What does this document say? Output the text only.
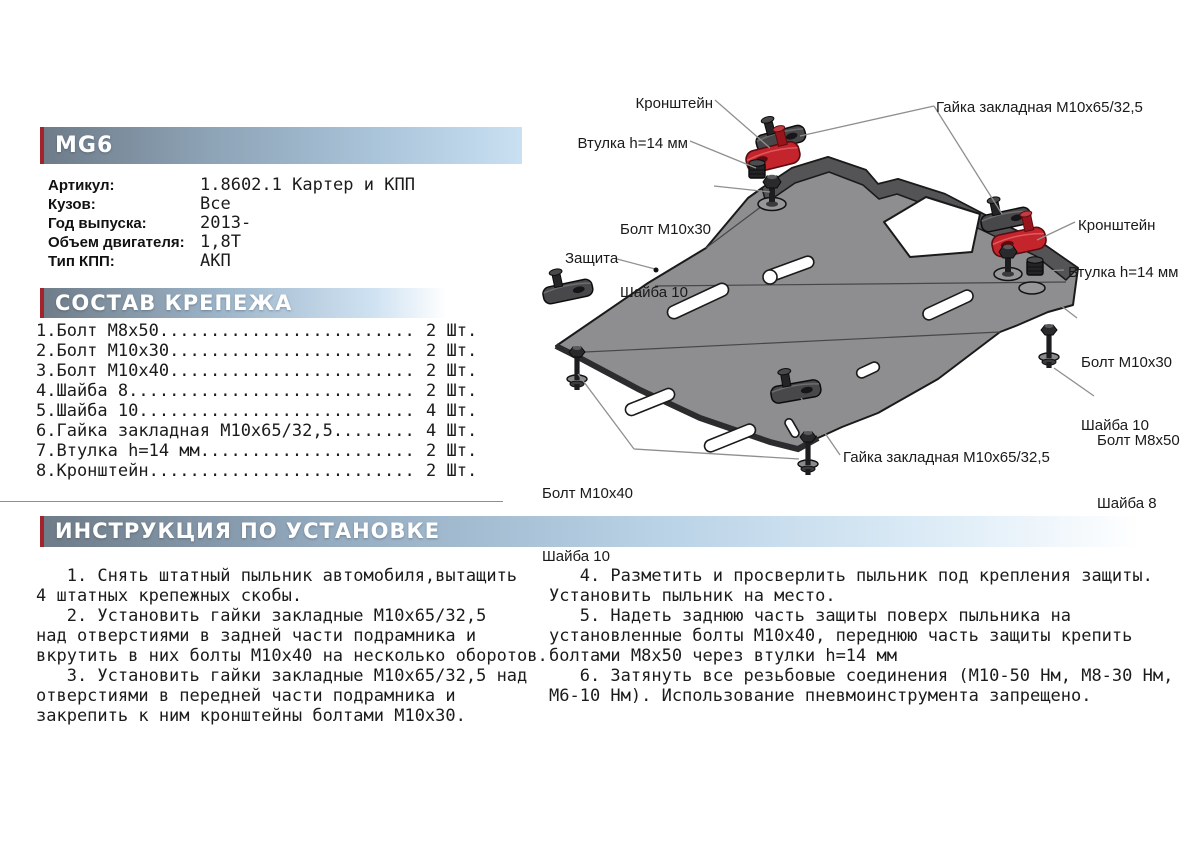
MG6
Артикул:	1.8602.1 Картер и КПП
Кузов:	Все
Год выпуска:	2013-
Объем двигателя: 1,8Т
Тип КПП:	АКП
СОСТАВ КРЕПЕЖА
1.Болт М8х50 .....	2 Шт.
2.Болт М10х30 .....	2 Шт.
3.Болт М10х40 .....	2 Шт.
4.Шайба 8 .....	2 Шт.
5.Шайба 10 .....	4 Шт.
6.Гайка закладная М10х65/32,5 .....	4 Шт.
7.Втулка h=14 мм .....	2 Шт.
8.Кронштейн .....	2 Шт.
ИНСТРУКЦИЯ ПО УСТАНОВКЕ
1. Снять штатный пыльник автомобиля,вытащить
4 штатных крепежных скобы.
2. Установить гайки закладные М10х65/32,5
над отверстиями в задней части подрамника и
вкрутить в них болты М10х40 на несколько оборотов.
3. Установить гайки закладные М10х65/32,5 над
отверстиями в передней части подрамника и
закрепить к ним кронштейны болтами М10х30.
4. Разметить и просверлить пыльник под крепления защиты.
Установить пыльник на место.
5. Надеть заднюю часть защиты поверх пыльника на
установленные болты М10х40, переднюю часть защиты крепить
болтами М8х50 через втулки h=14 мм
6. Затянуть все резьбовые соединения (М10-50 Нм, М8-30 Нм,
М6-10 Нм). Использование пневмоинструмента запрещено.
Кронштейн	Гайка закладная М10х65/32,5
Втулка h=14 мм

Болт М10х30

Шайба 10

Защита
Кронштейн
Втулка h=14 мм

Болт М10х30

Шайба 10

Болт М8х50

Шайба 8

Болт М10х40

Шайба 10

Гайка закладная М10х65/32,5
